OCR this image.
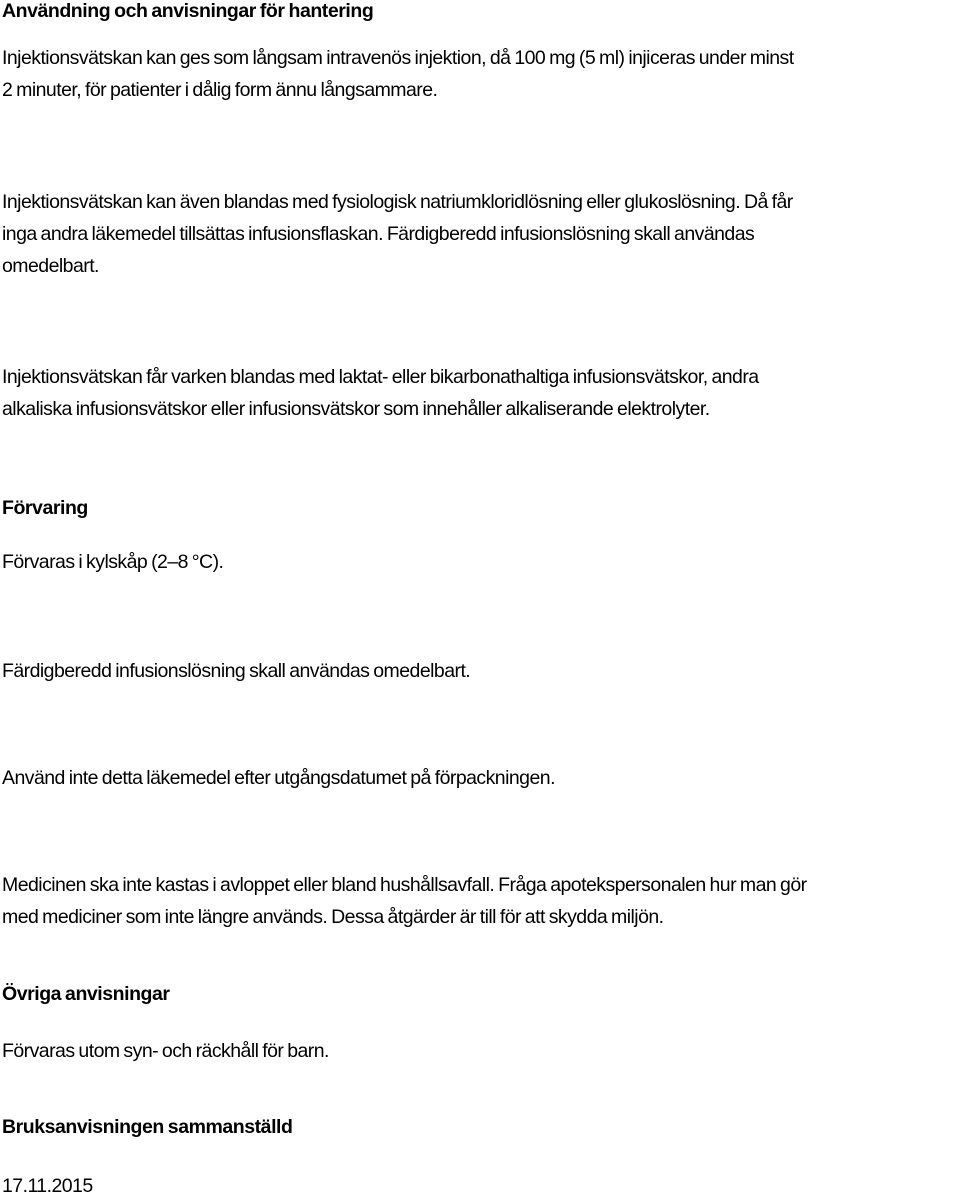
Användning och anvisningar för hantering

Injektionsvätskan kan ges som långsam intravenös injektion, då 100 mg (5 ml) injiceras under minst
2 minuter, för patienter i dålig form ännu långsammare.

Injektionsvätskan kan även blandas med fysiologisk natriumkloridlösning eller glukoslösning. Då får
inga andra läkemedel tillsättas infusionsflaskan. Färdigberedd infusionslösning skall användas
omedelbart.

Injektionsvätskan får varken blandas med laktat- eller bikarbonathaltiga infusionsvätskor, andra
alkaliska infusionsvätskor eller infusionsvätskor som innehåller alkaliserande elektrolyter.

Förvaring

Förvaras i kylskåp (2–8 °C).

Färdigberedd infusionslösning skall användas omedelbart.

Använd inte detta läkemedel efter utgångsdatumet på förpackningen.

Medicinen ska inte kastas i avloppet eller bland hushållsavfall. Fråga apotekspersonalen hur man gör
med mediciner som inte längre används. Dessa åtgärder är till för att skydda miljön.

Övriga anvisningar

Förvaras utom syn- och räckhåll för barn.

Bruksanvisningen sammanställd

17.11.2015
